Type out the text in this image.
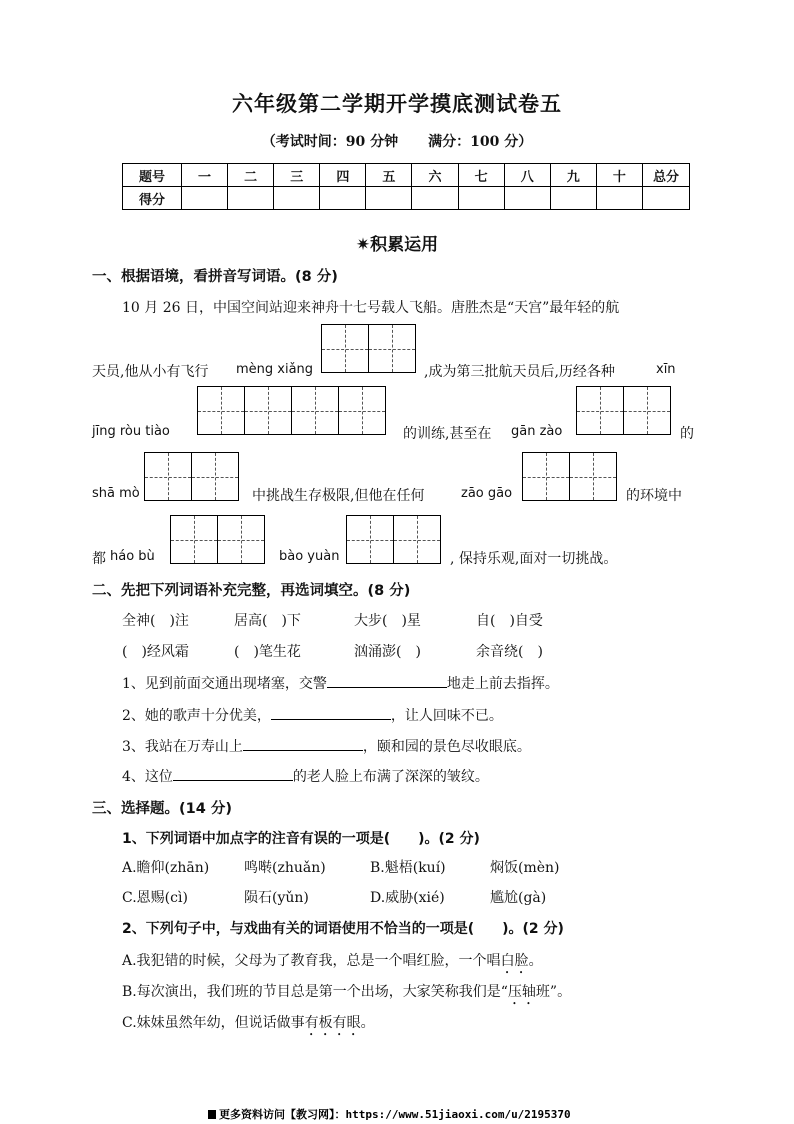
六年级第二学期开学摸底测试卷五
（考试时间：90 分钟 满分：100 分）
题号	一	二	三	四	五	六	七	八	九	十	总分
得分											
✷积累运用
一、根据语境，看拼音写词语。(8 分)
10 月 26 日，中国空间站迎来神舟十七号载人飞船。唐胜杰是“天宫”最年轻的航
天员,他从小有飞行 mèng xiǎng	,成为第三批航天员后,历经各种	xīn
jīng ròu tiào	的训练,甚至在 gān zào	的
shā mò	中挑战生存极限,但他在任何	zāo gāo	的环境中
都 háo bù	bào yuàn	, 保持乐观,面对一切挑战。
二、先把下列词语补充完整，再选词填空。(8 分)
全神(　)注	居高(　)下	大步(　)星	自(　)自受
(　)经风霜	(　)笔生花	汹涌澎(　)	余音绕(　)
1、见到前面交通出现堵塞，交警	地走上前去指挥。
2、她的歌声十分优美，	，让人回味不已。
3、我站在万寿山上	，颐和园的景色尽收眼底。
4、这位	的老人脸上布满了深深的皱纹。
三、选择题。(14 分)
1、下列词语中加点字的注音有误的一项是(　　)。(2 分)
A.瞻仰(zhān) 鸣啭(zhuǎn)	B.魁梧(kuí)	焖饭(mèn)
C.恩赐(cì)	陨石(yǔn)	D.威胁(xié)	尴尬(gà)
2、下列句子中，与戏曲有关的词语使用不恰当的一项是(　　)。(2 分)
A.我犯错的时候，父母为了教育我，总是一个唱红脸，一个唱白脸。
B.每次演出，我们班的节目总是第一个出场，大家笑称我们是“压轴班”。
C.妹妹虽然年幼，但说话做事有板有眼。
更多资料访问【教习网】：https://www.51jiaoxi.com/u/2195370
